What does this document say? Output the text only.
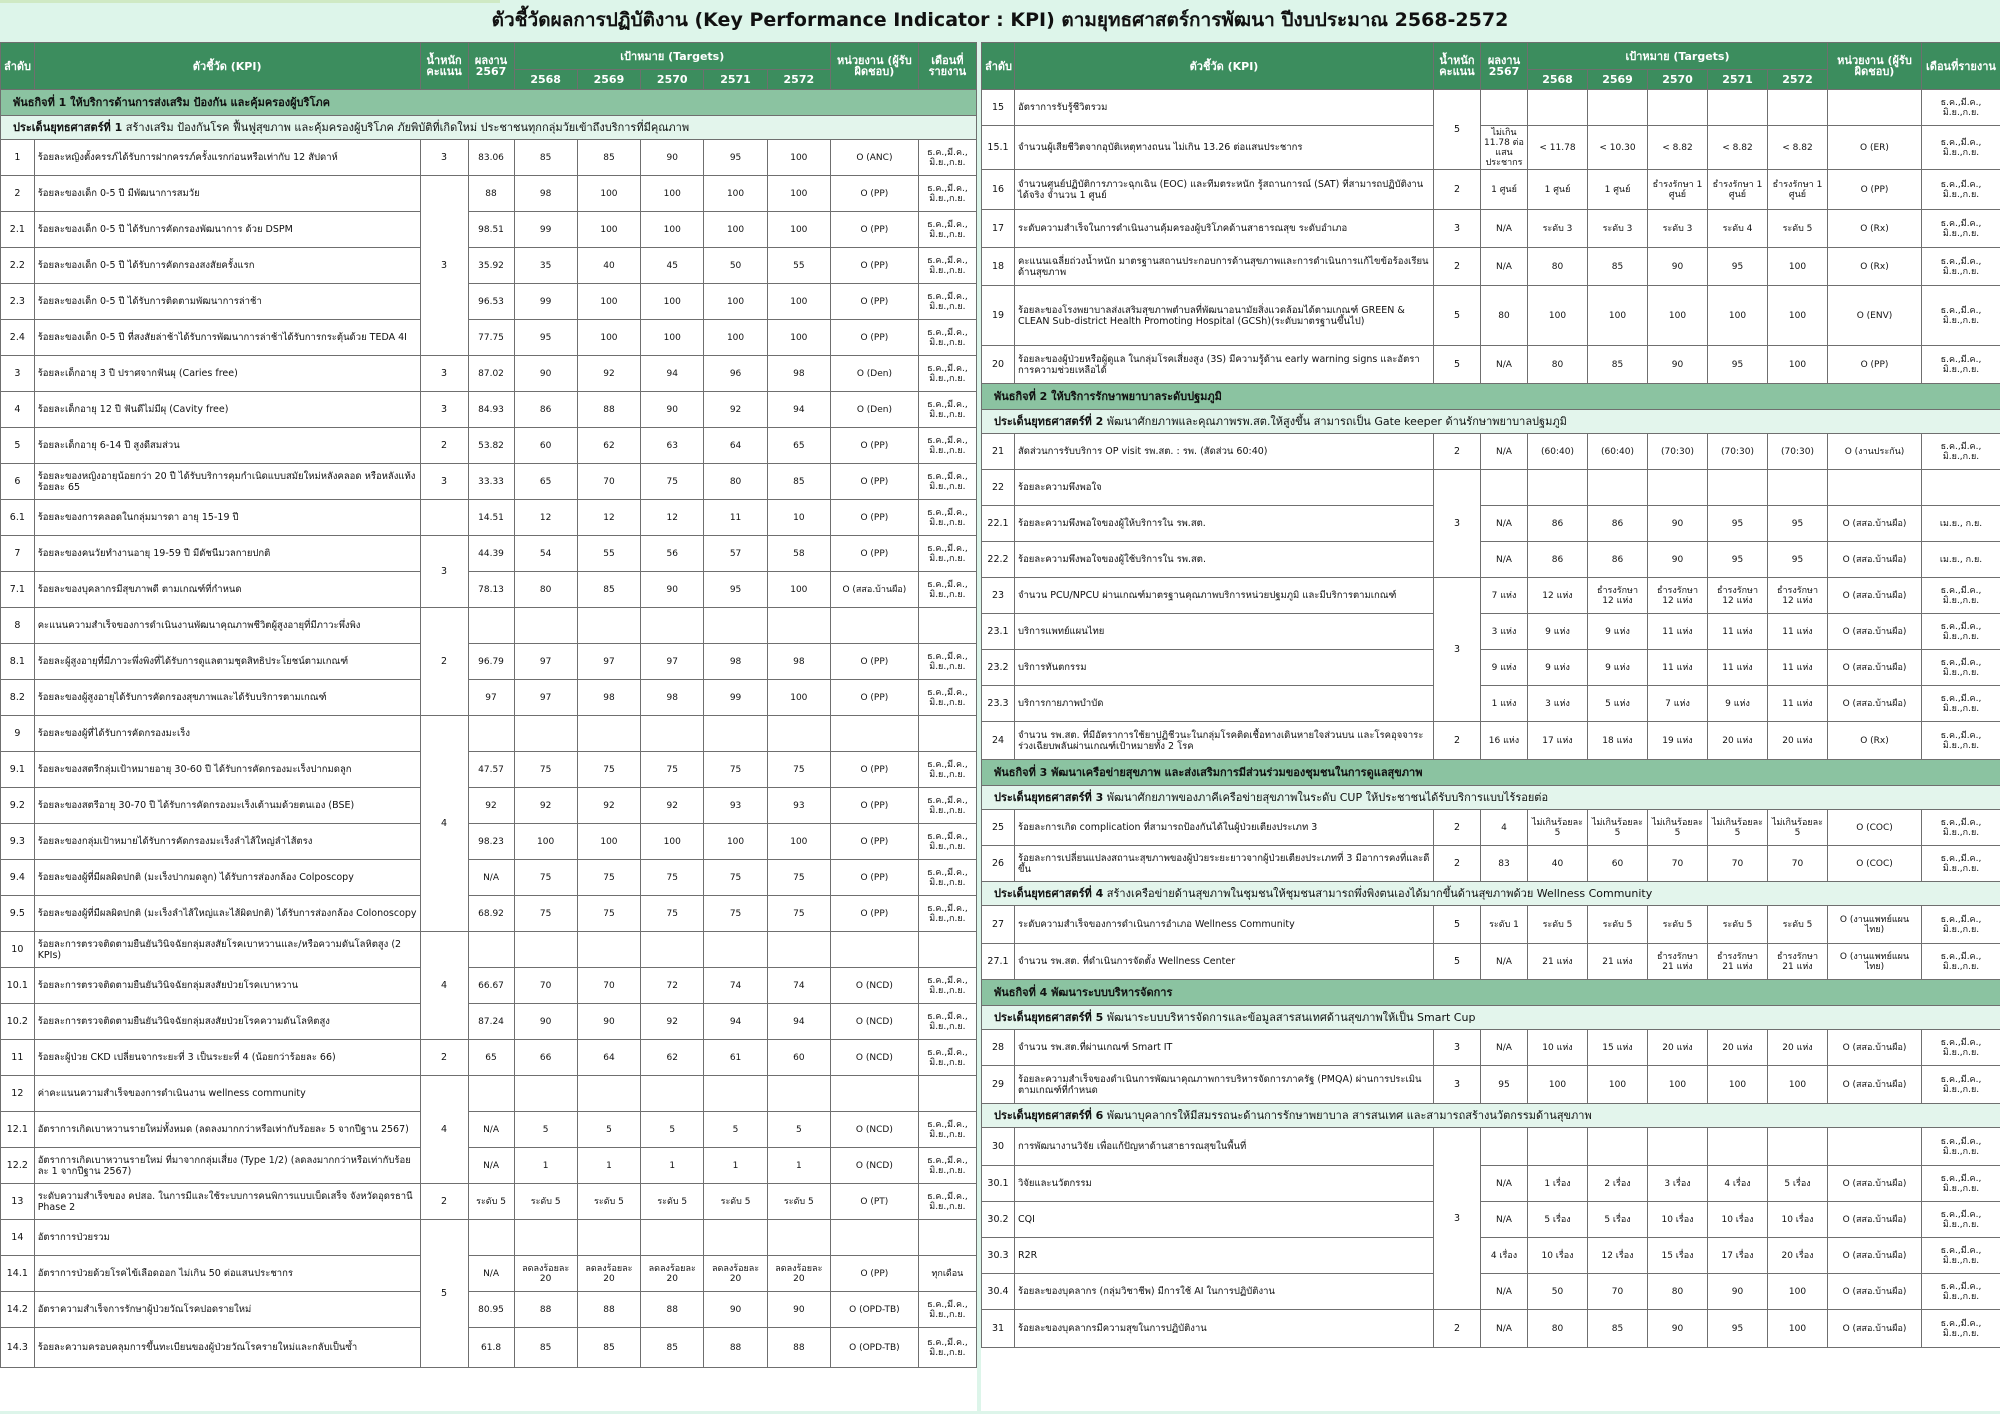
ตัวชี้วัดผลการปฏิบัติงาน (Key Performance Indicator : KPI) ตามยุทธศาสตร์การพัฒนา ปีงบประมาณ 2568-2572
ลำดับ	ตัวชี้วัด (KPI)	น้ำหนักคะแนน	ผลงาน 2567	เป้าหมาย (Targets)					หน่วยงาน (ผู้รับผิดชอบ)	เดือนที่รายงาน
				2568	2569	2570	2571	2572		
พันธกิจที่ 1 ให้บริการด้านการส่งเสริม ป้องกัน และคุ้มครองผู้บริโภค										
ประเด็นยุทธศาสตร์ที่ 1 สร้างเสริม ป้องกันโรค ฟื้นฟูสุขภาพ และคุ้มครองผู้บริโภค ภัยพิบัติที่เกิดใหม่ ประชาชนทุกกลุ่มวัยเข้าถึงบริการที่มีคุณภาพ										
1	ร้อยละหญิงตั้งครรภ์ได้รับการฝากครรภ์ครั้งแรกก่อนหรือเท่ากับ 12 สัปดาห์	3	83.06	85	85	90	95	100	O (ANC)	ธ.ค.,มี.ค., มิ.ย.,ก.ย.
2	ร้อยละของเด็ก 0-5 ปี มีพัฒนาการสมวัย	3	88	98	100	100	100	100	O (PP)	ธ.ค.,มี.ค., มิ.ย.,ก.ย.
2.1	ร้อยละของเด็ก 0-5 ปี ได้รับการคัดกรองพัฒนาการ ด้วย DSPM		98.51	99	100	100	100	100	O (PP)	ธ.ค.,มี.ค., มิ.ย.,ก.ย.
2.2	ร้อยละของเด็ก 0-5 ปี ได้รับการคัดกรองสงสัยครั้งแรก		35.92	35	40	45	50	55	O (PP)	ธ.ค.,มี.ค., มิ.ย.,ก.ย.
2.3	ร้อยละของเด็ก 0-5 ปี ได้รับการติดตามพัฒนาการล่าช้า		96.53	99	100	100	100	100	O (PP)	ธ.ค.,มี.ค., มิ.ย.,ก.ย.
2.4	ร้อยละของเด็ก 0-5 ปี ที่สงสัยล่าช้าได้รับการพัฒนาการล่าช้าได้รับการกระตุ้นด้วย TEDA 4I		77.75	95	100	100	100	100	O (PP)	ธ.ค.,มี.ค., มิ.ย.,ก.ย.
3	ร้อยละเด็กอายุ 3 ปี ปราศจากฟันผุ (Caries free)	3	87.02	90	92	94	96	98	O (Den)	ธ.ค.,มี.ค., มิ.ย.,ก.ย.
4	ร้อยละเด็กอายุ 12 ปี ฟันดีไม่มีผุ (Cavity free)	3	84.93	86	88	90	92	94	O (Den)	ธ.ค.,มี.ค., มิ.ย.,ก.ย.
5	ร้อยละเด็กอายุ 6-14 ปี สูงดีสมส่วน	2	53.82	60	62	63	64	65	O (PP)	ธ.ค.,มี.ค., มิ.ย.,ก.ย.
6	ร้อยละของหญิงอายุน้อยกว่า 20 ปี ได้รับบริการคุมกำเนิดแบบสมัยใหม่หลังคลอด หรือหลังแท้ง ร้อยละ 65	3	33.33	65	70	75	80	85	O (PP)	ธ.ค.,มี.ค., มิ.ย.,ก.ย.
6.1	ร้อยละของการคลอดในกลุ่มมารดา อายุ 15-19 ปี		14.51	12	12	12	11	10	O (PP)	ธ.ค.,มี.ค., มิ.ย.,ก.ย.
7	ร้อยละของคนวัยทำงานอายุ 19-59 ปี มีดัชนีมวลกายปกติ	3	44.39	54	55	56	57	58	O (PP)	ธ.ค.,มี.ค., มิ.ย.,ก.ย.
7.1	ร้อยละของบุคลากรมีสุขภาพดี ตามเกณฑ์ที่กำหนด		78.13	80	85	90	95	100	O (สสอ.บ้านผือ)	ธ.ค.,มี.ค., มิ.ย.,ก.ย.
8	คะแนนความสำเร็จของการดำเนินงานพัฒนาคุณภาพชีวิตผู้สูงอายุที่มีภาวะพึ่งพิง	2								
8.1	ร้อยละผู้สูงอายุที่มีภาวะพึ่งพิงที่ได้รับการดูแลตามชุดสิทธิประโยชน์ตามเกณฑ์		96.79	97	97	97	98	98	O (PP)	ธ.ค.,มี.ค., มิ.ย.,ก.ย.
8.2	ร้อยละของผู้สูงอายุได้รับการคัดกรองสุขภาพและได้รับบริการตามเกณฑ์		97	97	98	98	99	100	O (PP)	ธ.ค.,มี.ค., มิ.ย.,ก.ย.
9	ร้อยละของผู้ที่ได้รับการคัดกรองมะเร็ง	4								
9.1	ร้อยละของสตรีกลุ่มเป้าหมายอายุ 30-60 ปี ได้รับการคัดกรองมะเร็งปากมดลูก		47.57	75	75	75	75	75	O (PP)	ธ.ค.,มี.ค., มิ.ย.,ก.ย.
9.2	ร้อยละของสตรีอายุ 30-70 ปี ได้รับการคัดกรองมะเร็งเต้านมด้วยตนเอง (BSE)		92	92	92	92	93	93	O (PP)	ธ.ค.,มี.ค., มิ.ย.,ก.ย.
9.3	ร้อยละของกลุ่มเป้าหมายได้รับการคัดกรองมะเร็งลำไส้ใหญ่ลำไส้ตรง		98.23	100	100	100	100	100	O (PP)	ธ.ค.,มี.ค., มิ.ย.,ก.ย.
9.4	ร้อยละของผู้ที่มีผลผิดปกติ (มะเร็งปากมดลูก) ได้รับการส่องกล้อง Colposcopy		N/A	75	75	75	75	75	O (PP)	ธ.ค.,มี.ค., มิ.ย.,ก.ย.
9.5	ร้อยละของผู้ที่มีผลผิดปกติ (มะเร็งลำไส้ใหญ่และไส้ผิดปกติ) ได้รับการส่องกล้อง Colonoscopy		68.92	75	75	75	75	75	O (PP)	ธ.ค.,มี.ค., มิ.ย.,ก.ย.
10	ร้อยละการตรวจติดตามยืนยันวินิจฉัยกลุ่มสงสัยโรคเบาหวานและ/หรือความดันโลหิตสูง (2 KPIs)	4								
10.1	ร้อยละการตรวจติดตามยืนยันวินิจฉัยกลุ่มสงสัยป่วยโรคเบาหวาน		66.67	70	70	72	74	74	O (NCD)	ธ.ค.,มี.ค., มิ.ย.,ก.ย.
10.2	ร้อยละการตรวจติดตามยืนยันวินิจฉัยกลุ่มสงสัยป่วยโรคความดันโลหิตสูง		87.24	90	90	92	94	94	O (NCD)	ธ.ค.,มี.ค., มิ.ย.,ก.ย.
11	ร้อยละผู้ป่วย CKD เปลี่ยนจากระยะที่ 3 เป็นระยะที่ 4 (น้อยกว่าร้อยละ 66)	2	65	66	64	62	61	60	O (NCD)	ธ.ค.,มี.ค., มิ.ย.,ก.ย.
12	ค่าคะแนนความสำเร็จของการดำเนินงาน wellness community	4								
12.1	อัตราการเกิดเบาหวานรายใหม่ทั้งหมด (ลดลงมากกว่าหรือเท่ากับร้อยละ 5 จากปีฐาน 2567)		N/A	5	5	5	5	5	O (NCD)	ธ.ค.,มี.ค., มิ.ย.,ก.ย.
12.2	อัตราการเกิดเบาหวานรายใหม่ ที่มาจากกลุ่มเสี่ยง (Type 1/2) (ลดลงมากกว่าหรือเท่ากับร้อยละ 1 จากปีฐาน 2567)		N/A	1	1	1	1	1	O (NCD)	ธ.ค.,มี.ค., มิ.ย.,ก.ย.
13	ระดับความสำเร็จของ คปสอ. ในการมีและใช้ระบบการคนพิการแบบเบ็ดเสร็จ จังหวัดอุดรธานี Phase 2	2	ระดับ 5	ระดับ 5	ระดับ 5	ระดับ 5	ระดับ 5	ระดับ 5	O (PT)	ธ.ค.,มี.ค., มิ.ย.,ก.ย.
14	อัตราการป่วยรวม	5								
14.1	อัตราการป่วยด้วยโรคไข้เลือดออก ไม่เกิน 50 ต่อแสนประชากร		N/A	ลดลงร้อยละ 20	ลดลงร้อยละ 20	ลดลงร้อยละ 20	ลดลงร้อยละ 20	ลดลงร้อยละ 20	O (PP)	ทุกเดือน
14.2	อัตราความสำเร็จการรักษาผู้ป่วยวัณโรคปอดรายใหม่		80.95	88	88	88	90	90	O (OPD-TB)	ธ.ค.,มี.ค., มิ.ย.,ก.ย.
14.3	ร้อยละความครอบคลุมการขึ้นทะเบียนของผู้ป่วยวัณโรครายใหม่และกลับเป็นซ้ำ		61.8	85	85	85	88	88	O (OPD-TB)	ธ.ค.,มี.ค., มิ.ย.,ก.ย.
ลำดับ	ตัวชี้วัด (KPI)	น้ำหนักคะแนน	ผลงาน 2567	เป้าหมาย (Targets)					หน่วยงาน (ผู้รับผิดชอบ)	เดือนที่รายงาน
				2568	2569	2570	2571	2572		
15	อัตราการรับรู้ชีวิตรวม	5								ธ.ค.,มี.ค., มิ.ย.,ก.ย.
15.1	จำนวนผู้เสียชีวิตจากอุบัติเหตุทางถนน ไม่เกิน 13.26 ต่อแสนประชากร		ไม่เกิน 11.78 ต่อแสนประชากร	< 11.78	< 10.30	< 8.82	< 8.82	< 8.82	O (ER)	ธ.ค.,มี.ค., มิ.ย.,ก.ย.
16	จำนวนศูนย์ปฏิบัติการภาวะฉุกเฉิน (EOC) และทีมตระหนัก รู้สถานการณ์ (SAT) ที่สามารถปฏิบัติงานได้จริง จำนวน 1 ศูนย์	2	1 ศูนย์	1 ศูนย์	1 ศูนย์	ธำรงรักษา 1 ศูนย์	ธำรงรักษา 1 ศูนย์	ธำรงรักษา 1 ศูนย์	O (PP)	ธ.ค.,มี.ค., มิ.ย.,ก.ย.
17	ระดับความสำเร็จในการดำเนินงานคุ้มครองผู้บริโภคด้านสาธารณสุข ระดับอำเภอ	3	N/A	ระดับ 3	ระดับ 3	ระดับ 3	ระดับ 4	ระดับ 5	O (Rx)	ธ.ค.,มี.ค., มิ.ย.,ก.ย.
18	คะแนนเฉลี่ยถ่วงน้ำหนัก มาตรฐานสถานประกอบการด้านสุขภาพและการดำเนินการแก้ไขข้อร้องเรียนด้านสุขภาพ	2	N/A	80	85	90	95	100	O (Rx)	ธ.ค.,มี.ค., มิ.ย.,ก.ย.
19	ร้อยละของโรงพยาบาลส่งเสริมสุขภาพตำบลที่พัฒนาอนามัยสิ่งแวดล้อมได้ตามเกณฑ์ GREEN & CLEAN Sub-district Health Promoting Hospital (GCSh)(ระดับมาตรฐานขึ้นไป)	5	80	100	100	100	100	100	O (ENV)	ธ.ค.,มี.ค., มิ.ย.,ก.ย.
20	ร้อยละของผู้ป่วยหรือผู้ดูแล ในกลุ่มโรคเสี่ยงสูง (3S) มีความรู้ด้าน early warning signs และอัตราการความช่วยเหลือได้	5	N/A	80	85	90	95	100	O (PP)	ธ.ค.,มี.ค., มิ.ย.,ก.ย.
พันธกิจที่ 2 ให้บริการรักษาพยาบาลระดับปฐมภูมิ										
ประเด็นยุทธศาสตร์ที่ 2 พัฒนาศักยภาพและคุณภาพรพ.สต.ให้สูงขึ้น สามารถเป็น Gate keeper ด้านรักษาพยาบาลปฐมภูมิ										
21	สัดส่วนการรับบริการ OP visit รพ.สต. : รพ. (สัดส่วน 60:40)	2	N/A	(60:40)	(60:40)	(70:30)	(70:30)	(70:30)	O (งานประกัน)	ธ.ค.,มี.ค., มิ.ย.,ก.ย.
22	ร้อยละความพึงพอใจ	3								
22.1	ร้อยละความพึงพอใจของผู้ให้บริการใน รพ.สต.		N/A	86	86	90	95	95	O (สสอ.บ้านผือ)	เม.ย., ก.ย.
22.2	ร้อยละความพึงพอใจของผู้ใช้บริการใน รพ.สต.		N/A	86	86	90	95	95	O (สสอ.บ้านผือ)	เม.ย., ก.ย.
23	จำนวน PCU/NPCU ผ่านเกณฑ์มาตรฐานคุณภาพบริการหน่วยปฐมภูมิ และมีบริการตามเกณฑ์	3	7 แห่ง	12 แห่ง	ธำรงรักษา 12 แห่ง	ธำรงรักษา 12 แห่ง	ธำรงรักษา 12 แห่ง	ธำรงรักษา 12 แห่ง	O (สสอ.บ้านผือ)	ธ.ค.,มี.ค., มิ.ย.,ก.ย.
23.1	บริการแพทย์แผนไทย		3 แห่ง	9 แห่ง	9 แห่ง	11 แห่ง	11 แห่ง	11 แห่ง	O (สสอ.บ้านผือ)	ธ.ค.,มี.ค., มิ.ย.,ก.ย.
23.2	บริการทันตกรรม		9 แห่ง	9 แห่ง	9 แห่ง	11 แห่ง	11 แห่ง	11 แห่ง	O (สสอ.บ้านผือ)	ธ.ค.,มี.ค., มิ.ย.,ก.ย.
23.3	บริการกายภาพบำบัด		1 แห่ง	3 แห่ง	5 แห่ง	7 แห่ง	9 แห่ง	11 แห่ง	O (สสอ.บ้านผือ)	ธ.ค.,มี.ค., มิ.ย.,ก.ย.
24	จำนวน รพ.สต. ที่มีอัตราการใช้ยาปฏิชีวนะในกลุ่มโรคติดเชื้อทางเดินหายใจส่วนบน และโรคอุจจาระร่วงเฉียบพลันผ่านเกณฑ์เป้าหมายทั้ง 2 โรค	2	16 แห่ง	17 แห่ง	18 แห่ง	19 แห่ง	20 แห่ง	20 แห่ง	O (Rx)	ธ.ค.,มี.ค., มิ.ย.,ก.ย.
พันธกิจที่ 3 พัฒนาเครือข่ายสุขภาพ และส่งเสริมการมีส่วนร่วมของชุมชนในการดูแลสุขภาพ										
ประเด็นยุทธศาสตร์ที่ 3 พัฒนาศักยภาพของภาคีเครือข่ายสุขภาพในระดับ CUP ให้ประชาชนได้รับบริการแบบไร้รอยต่อ										
25	ร้อยละการเกิด complication ที่สามารถป้องกันได้ในผู้ป่วยเตียงประเภท 3	2	4	ไม่เกินร้อยละ 5	ไม่เกินร้อยละ 5	ไม่เกินร้อยละ 5	ไม่เกินร้อยละ 5	ไม่เกินร้อยละ 5	O (COC)	ธ.ค.,มี.ค., มิ.ย.,ก.ย.
26	ร้อยละการเปลี่ยนแปลงสถานะสุขภาพของผู้ป่วยระยะยาวจากผู้ป่วยเตียงประเภทที่ 3 มีอาการคงที่และดีขึ้น	2	83	40	60	70	70	70	O (COC)	ธ.ค.,มี.ค., มิ.ย.,ก.ย.
ประเด็นยุทธศาสตร์ที่ 4 สร้างเครือข่ายด้านสุขภาพในชุมชนให้ชุมชนสามารถพึ่งพิงตนเองได้มากขึ้นด้านสุขภาพด้วย Wellness Community										
27	ระดับความสำเร็จของการดำเนินการอำเภอ Wellness Community	5	ระดับ 1	ระดับ 5	ระดับ 5	ระดับ 5	ระดับ 5	ระดับ 5	O (งานแพทย์แผนไทย)	ธ.ค.,มี.ค., มิ.ย.,ก.ย.
27.1	จำนวน รพ.สต. ที่ดำเนินการจัดตั้ง Wellness Center	5	N/A	21 แห่ง	21 แห่ง	ธำรงรักษา 21 แห่ง	ธำรงรักษา 21 แห่ง	ธำรงรักษา 21 แห่ง	O (งานแพทย์แผนไทย)	ธ.ค.,มี.ค., มิ.ย.,ก.ย.
พันธกิจที่ 4 พัฒนาระบบบริหารจัดการ										
ประเด็นยุทธศาสตร์ที่ 5 พัฒนาระบบบริหารจัดการและข้อมูลสารสนเทศด้านสุขภาพให้เป็น Smart Cup										
28	จำนวน รพ.สต.ที่ผ่านเกณฑ์ Smart IT	3	N/A	10 แห่ง	15 แห่ง	20 แห่ง	20 แห่ง	20 แห่ง	O (สสอ.บ้านผือ)	ธ.ค.,มี.ค., มิ.ย.,ก.ย.
29	ร้อยละความสำเร็จของดำเนินการพัฒนาคุณภาพการบริหารจัดการภาครัฐ (PMQA) ผ่านการประเมินตามเกณฑ์ที่กำหนด	3	95	100	100	100	100	100	O (สสอ.บ้านผือ)	ธ.ค.,มี.ค., มิ.ย.,ก.ย.
ประเด็นยุทธศาสตร์ที่ 6 พัฒนาบุคลากรให้มีสมรรถนะด้านการรักษาพยาบาล สารสนเทศ และสามารถสร้างนวัตกรรมด้านสุขภาพ										
30	การพัฒนางานวิจัย เพื่อแก้ปัญหาด้านสาธารณสุขในพื้นที่	3								ธ.ค.,มี.ค., มิ.ย.,ก.ย.
30.1	วิจัยและนวัตกรรม		N/A	1 เรื่อง	2 เรื่อง	3 เรื่อง	4 เรื่อง	5 เรื่อง	O (สสอ.บ้านผือ)	ธ.ค.,มี.ค., มิ.ย.,ก.ย.
30.2	CQI		N/A	5 เรื่อง	5 เรื่อง	10 เรื่อง	10 เรื่อง	10 เรื่อง	O (สสอ.บ้านผือ)	ธ.ค.,มี.ค., มิ.ย.,ก.ย.
30.3	R2R		4 เรื่อง	10 เรื่อง	12 เรื่อง	15 เรื่อง	17 เรื่อง	20 เรื่อง	O (สสอ.บ้านผือ)	ธ.ค.,มี.ค., มิ.ย.,ก.ย.
30.4	ร้อยละของบุคลากร (กลุ่มวิชาชีพ) มีการใช้ AI ในการปฏิบัติงาน		N/A	50	70	80	90	100	O (สสอ.บ้านผือ)	ธ.ค.,มี.ค., มิ.ย.,ก.ย.
31	ร้อยละของบุคลากรมีความสุขในการปฏิบัติงาน	2	N/A	80	85	90	95	100	O (สสอ.บ้านผือ)	ธ.ค.,มี.ค., มิ.ย.,ก.ย.
